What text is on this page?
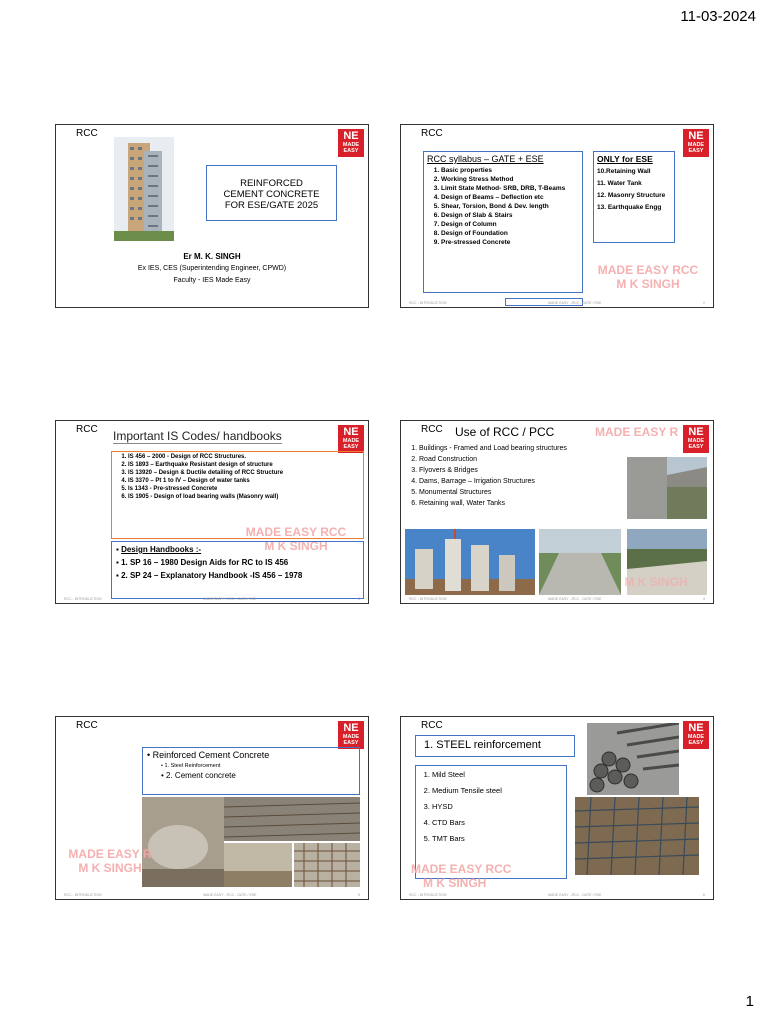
11-03-2024
RCC	NE
MADE
EASY
REINFORCED
CEMENT CONCRETE
FOR ESE/GATE 2025
Er M. K. SINGH
Ex IES, CES (Superintending Engineer, CPWD)
Faculty - IES Made Easy
RCC	NE
MADE
EASY
RCC syllabus – GATE + ESE
1. Basic properties
2. Working Stress Method
3. Limit State Method- SRB, DRB, T-Beams
4. Design of Beams – Deflection etc
5. Shear, Torsion, Bond & Dev. length
6. Design of Slab & Stairs
7. Design of Column
8. Design of Foundation
9. Pre-stressed Concrete
ONLY for ESE
10.Retaining Wall
11. Water Tank
12. Masonry Structure
13. Earthquake Engg
MADE EASY RCC
M K SINGH
RCC - INTRODUCTION	MADE EASY - RCC - GATE / ESE	2
RCC	NE
MADE
EASY
Important IS Codes/ handbooks
1. IS 456 – 2000 - Design of RCC Structures.
2. IS 1893 – Earthquake Resistant design of structure
3. IS 13920 – Design & Ductile detailing of RCC Structure
4. IS 3370 – Pt 1 to IV – Design of water tanks
5. Is 1343 - Pre-stressed Concrete
6. IS 1905 - Design of load bearing walls (Masonry wall)
MADE EASY RCC
M K SINGH
▪ Design Handbooks :-
▪ 1. SP 16 – 1980 Design Aids for RC to IS 456
▪ 2. SP 24 – Explanatory Handbook -IS 456 – 1978
RCC - INTRODUCTION	MADE EASY - RCC - GATE / ESE	3
RCC	NE
MADE
EASY
Use of RCC / PCC	MADE EASY R
1. Buildings - Framed and Load bearing structures
2. Road Construction
3. Flyovers & Bridges
4. Dams, Barrage – Irrigation Structures
5. Monumental Structures
6. Retaining wall, Water Tanks
M K SINGH
RCC - INTRODUCTION	MADE EASY - RCC - GATE / ESE	4
RCC	NE
MADE
EASY
• Reinforced Cement Concrete
• 1. Steel Reinforcement
• 2. Cement concrete
MADE EASY R
M K SINGH
RCC - INTRODUCTION	MADE EASY - RCC - GATE / ESE	5
RCC	NE
MADE
EASY
1. STEEL reinforcement
1. Mild Steel
2. Medium Tensile steel
3. HYSD
4. CTD Bars
5. TMT Bars
MADE EASY RCC
M K SINGH
RCC - INTRODUCTION	MADE EASY - RCC - GATE / ESE	6
1
